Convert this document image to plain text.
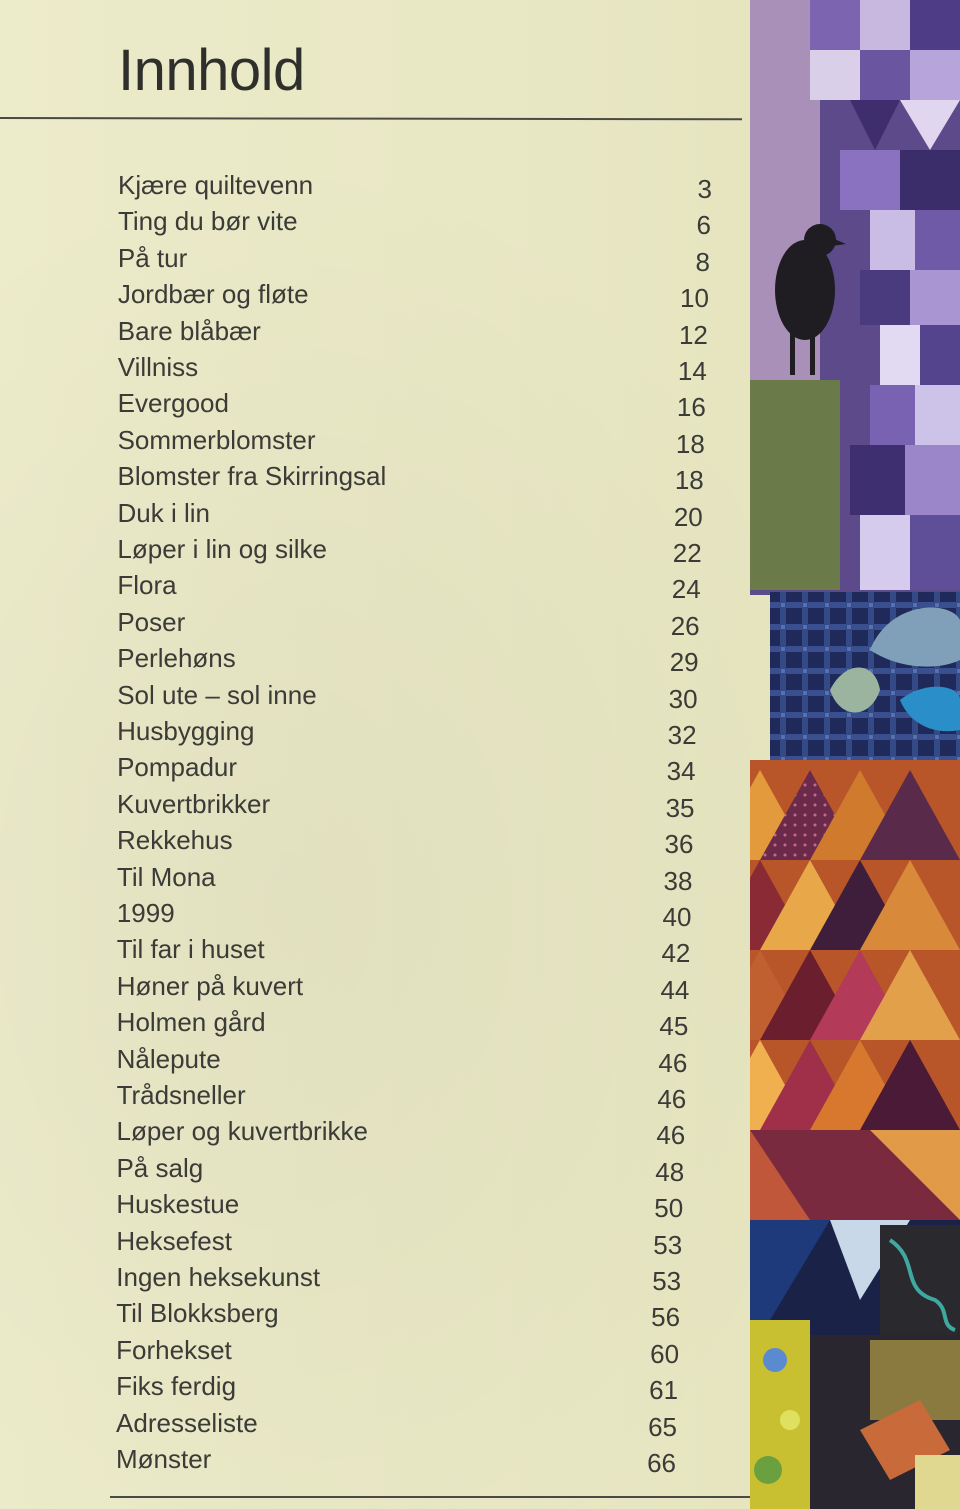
Innhold
Kjære quiltevenn	3
Ting du bør vite	6
På tur	8
Jordbær og fløte	10
Bare blåbær	12
Villniss	14
Evergood	16
Sommerblomster	18
Blomster fra Skirringsal	18
Duk i lin	20
Løper i lin og silke	22
Flora	24
Poser	26
Perlehøns	29
Sol ute – sol inne	30
Husbygging	32
Pompadur	34
Kuvertbrikker	35
Rekkehus	36
Til Mona	38
1999	40
Til far i huset	42
Høner på kuvert	44
Holmen gård	45
Nålepute	46
Trådsneller	46
Løper og kuvertbrikke	46
På salg	48
Huskestue	50
Heksefest	53
Ingen heksekunst	53
Til Blokksberg	56
Forhekset	60
Fiks ferdig	61
Adresseliste	65
Mønster	66
